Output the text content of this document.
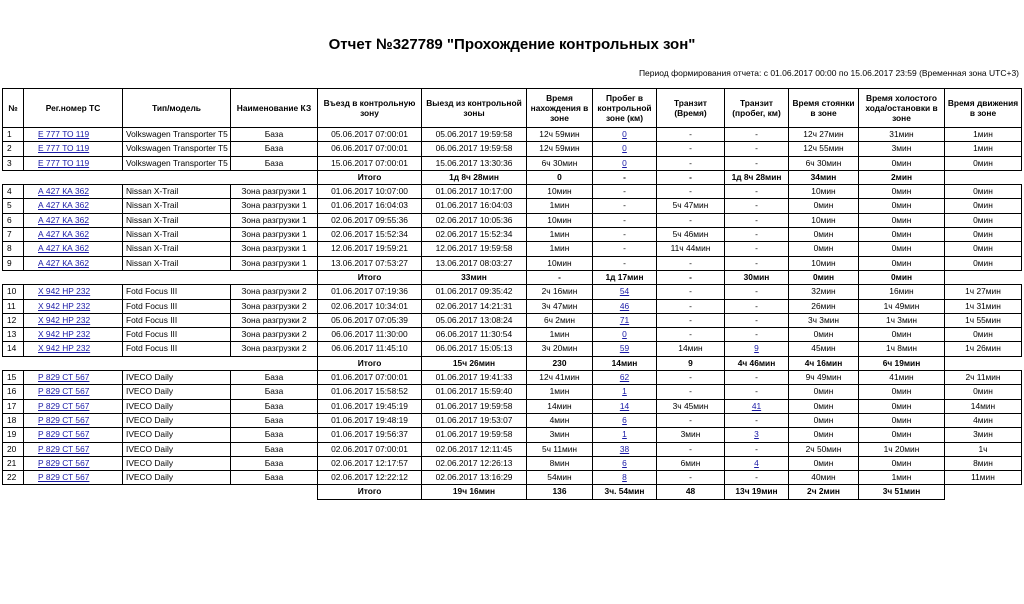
Отчет №327789 "Прохождение контрольных зон"
Период формирования отчета: с 01.06.2017 00:00 по 15.06.2017 23:59 (Временная зона UTC+3)
№	Рег.номер ТС	Тип/модель	Наименование КЗ	Въезд в контрольную зону	Выезд из контрольной зоны	Время нахождения в зоне	Пробег в контрольной зоне (км)	Транзит (Время)	Транзит (пробег, км)	Время стоянки в зоне	Время холостого хода/остановки в зоне	Время движения в зоне
1	Е 777 ТО 119	Volkswagen Transporter T5	База	05.06.2017 07:00:01	05.06.2017 19:59:58	12ч 59мин	0	-	-	12ч 27мин	31мин	1мин
2	Е 777 ТО 119	Volkswagen Transporter T5	База	06.06.2017 07:00:01	06.06.2017 19:59:58	12ч 59мин	0	-	-	12ч 55мин	3мин	1мин
3	Е 777 ТО 119	Volkswagen Transporter T5	База	15.06.2017 07:00:01	15.06.2017 13:30:36	6ч 30мин	0	-	-	6ч 30мин	0мин	0мин
				Итого	1д 8ч 28мин	0	-	-	1д 8ч 28мин	34мин	2мин	
4	А 427 КА 362	Nissan X-Trail	Зона разгрузки 1	01.06.2017 10:07:00	01.06.2017 10:17:00	10мин	-	-	-	10мин	0мин	0мин
5	А 427 КА 362	Nissan X-Trail	Зона разгрузки 1	01.06.2017 16:04:03	01.06.2017 16:04:03	1мин	-	5ч 47мин	-	0мин	0мин	0мин
6	А 427 КА 362	Nissan X-Trail	Зона разгрузки 1	02.06.2017 09:55:36	02.06.2017 10:05:36	10мин	-	-	-	10мин	0мин	0мин
7	А 427 КА 362	Nissan X-Trail	Зона разгрузки 1	02.06.2017 15:52:34	02.06.2017 15:52:34	1мин	-	5ч 46мин	-	0мин	0мин	0мин
8	А 427 КА 362	Nissan X-Trail	Зона разгрузки 1	12.06.2017 19:59:21	12.06.2017 19:59:58	1мин	-	11ч 44мин	-	0мин	0мин	0мин
9	А 427 КА 362	Nissan X-Trail	Зона разгрузки 1	13.06.2017 07:53:27	13.06.2017 08:03:27	10мин	-	-	-	10мин	0мин	0мин
				Итого	33мин	-	1д 17мин	-	30мин	0мин	0мин	
10	Х 942 НР 232	Fotd Focus III	Зона разгрузки 2	01.06.2017 07:19:36	01.06.2017 09:35:42	2ч 16мин	54	-	-	32мин	16мин	1ч 27мин
11	Х 942 НР 232	Fotd Focus III	Зона разгрузки 2	02.06.2017 10:34:01	02.06.2017 14:21:31	3ч 47мин	46	-	-	26мин	1ч 49мин	1ч 31мин
12	Х 942 НР 232	Fotd Focus III	Зона разгрузки 2	05.06.2017 07:05:39	05.06.2017 13:08:24	6ч 2мин	71	-	-	3ч 3мин	1ч 3мин	1ч 55мин
13	Х 942 НР 232	Fotd Focus III	Зона разгрузки 2	06.06.2017 11:30:00	06.06.2017 11:30:54	1мин	0	-	-	0мин	0мин	0мин
14	Х 942 НР 232	Fotd Focus III	Зона разгрузки 2	06.06.2017 11:45:10	06.06.2017 15:05:13	3ч 20мин	59	14мин	9	45мин	1ч 8мин	1ч 26мин
				Итого	15ч 26мин	230	14мин	9	4ч 46мин	4ч 16мин	6ч 19мин	
15	Р 829 СТ 567	IVECO Daily	База	01.06.2017 07:00:01	01.06.2017 19:41:33	12ч 41мин	62	-	-	9ч 49мин	41мин	2ч 11мин
16	Р 829 СТ 567	IVECO Daily	База	01.06.2017 15:58:52	01.06.2017 15:59:40	1мин	1	-	-	0мин	0мин	0мин
17	Р 829 СТ 567	IVECO Daily	База	01.06.2017 19:45:19	01.06.2017 19:59:58	14мин	14	3ч 45мин	41	0мин	0мин	14мин
18	Р 829 СТ 567	IVECO Daily	База	01.06.2017 19:48:19	01.06.2017 19:53:07	4мин	6	-	-	0мин	0мин	4мин
19	Р 829 СТ 567	IVECO Daily	База	01.06.2017 19:56:37	01.06.2017 19:59:58	3мин	1	3мин	3	0мин	0мин	3мин
20	Р 829 СТ 567	IVECO Daily	База	02.06.2017 07:00:01	02.06.2017 12:11:45	5ч 11мин	38	-	-	2ч 50мин	1ч 20мин	1ч
21	Р 829 СТ 567	IVECO Daily	База	02.06.2017 12:17:57	02.06.2017 12:26:13	8мин	6	6мин	4	0мин	0мин	8мин
22	Р 829 СТ 567	IVECO Daily	База	02.06.2017 12:22:12	02.06.2017 13:16:29	54мин	8	-	-	40мин	1мин	11мин
				Итого	19ч 16мин	136	3ч. 54мин	48	13ч 19мин	2ч 2мин	3ч 51мин	
